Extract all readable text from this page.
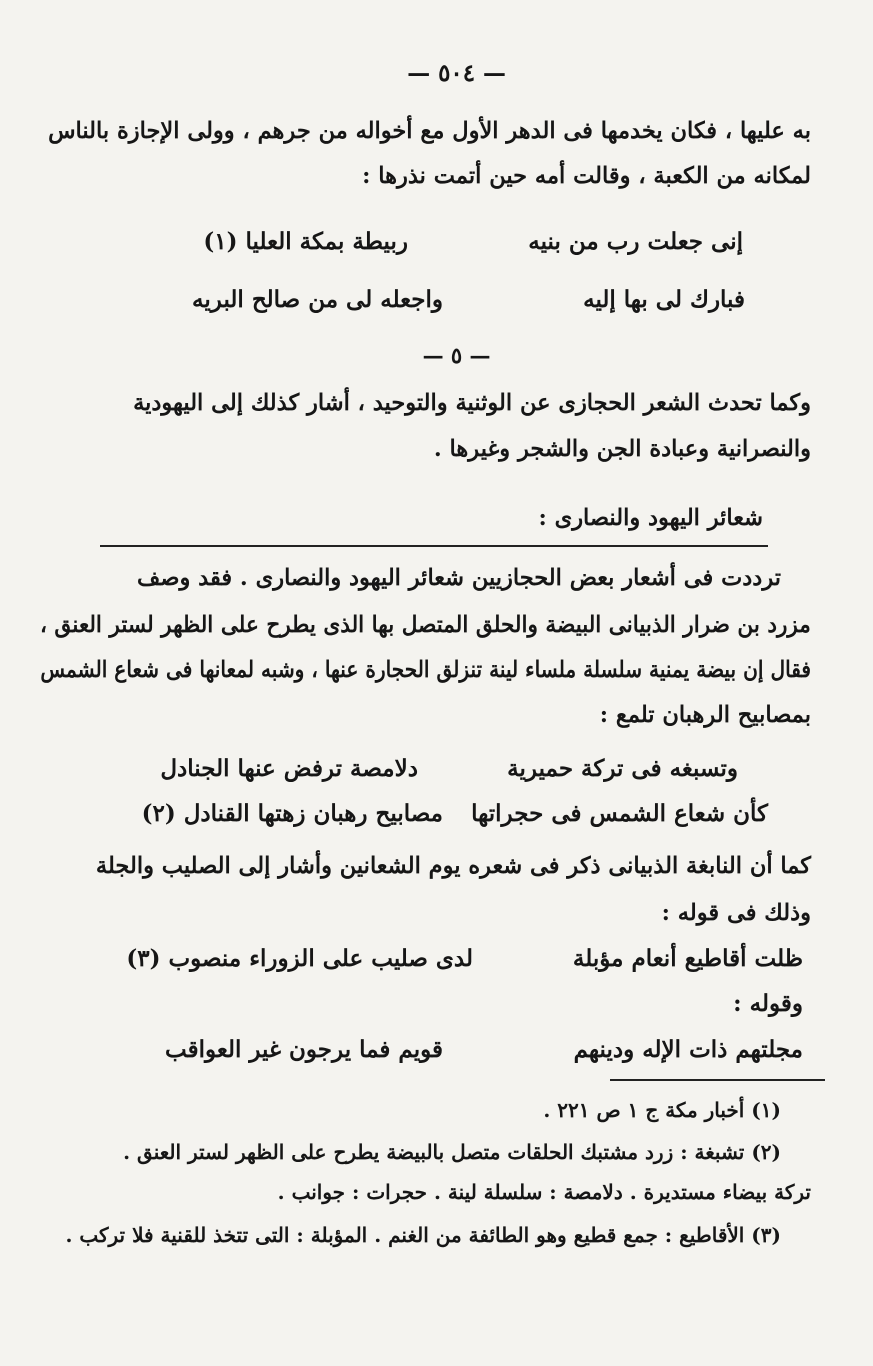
— ٥٠٤ —
به عليها ، فكان يخدمها فى الدهر الأول مع أخواله من جرهم ، وولى الإجازة بالناس
لمكانه من الكعبة ، وقالت أمه حين أتمت نذرها :
إنى جعلت رب من بنيه
ربيطة بمكة العليا (١)
فبارك لى بها إليه
واجعله لى من صالح البريه
— ٥ —
وكما تحدث الشعر الحجازى عن الوثنية والتوحيد ، أشار كذلك إلى اليهودية
والنصرانية وعبادة الجن والشجر وغيرها .
شعائر اليهود والنصارى :
ترددت فى أشعار بعض الحجازيين شعائر اليهود والنصارى . فقد وصف
مزرد بن ضرار الذبيانى البيضة والحلق المتصل بها الذى يطرح على الظهر لستر العنق ،
فقال إن بيضة يمنية سلسلة ملساء لينة تنزلق الحجارة عنها ، وشبه لمعانها فى شعاع الشمس
بمصابيح الرهبان تلمع :
وتسبغه فى تركة حميرية
دلامصة ترفض عنها الجنادل
كأن شعاع الشمس فى حجراتها
مصابيح رهبان زهتها القنادل (٢)
كما أن النابغة الذبيانى ذكر فى شعره يوم الشعانين وأشار إلى الصليب والجلة
وذلك فى قوله :
ظلت أقاطيع أنعام مؤبلة
لدى صليب على الزوراء منصوب (٣)
وقوله :
مجلتهم ذات الإله ودينهم
قويم فما يرجون غير العواقب
(١) أخبار مكة ج ١ ص ٢٢١ .
(٢) تشبغة : زرد مشتبك الحلقات متصل بالبيضة يطرح على الظهر لستر العنق .
تركة بيضاء مستديرة . دلامصة : سلسلة لينة . حجرات : جوانب .
(٣) الأقاطيع : جمع قطيع وهو الطائفة من الغنم . المؤبلة : التى تتخذ للقنية فلا تركب .
